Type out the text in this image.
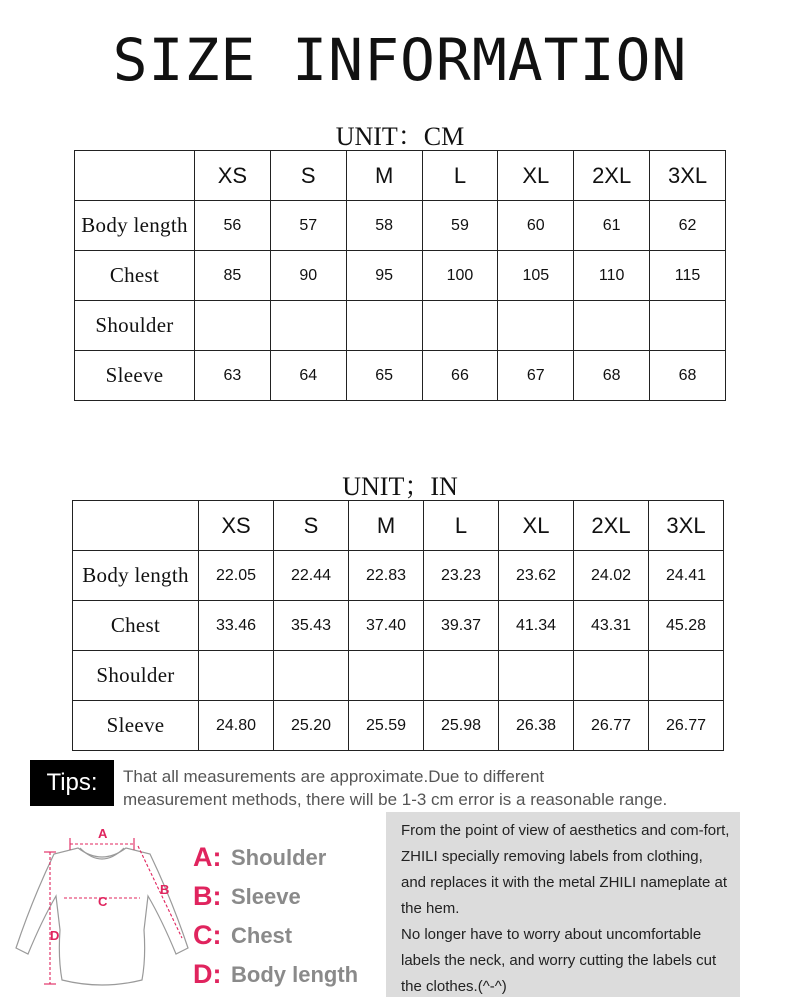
SIZE INFORMATION
UNIT：CM
	XS	S	M	L	XL	2XL	3XL
Body length	56	57	58	59	60	61	62
Chest	85	90	95	100	105	110	115
Shoulder							
Sleeve	63	64	65	66	67	68	68
UNIT；IN
	XS	S	M	L	XL	2XL	3XL
Body length	22.05	22.44	22.83	23.23	23.62	24.02	24.41
Chest	33.46	35.43	37.40	39.37	41.34	43.31	45.28
Shoulder							
Sleeve	24.80	25.20	25.59	25.98	26.38	26.77	26.77
Tips:	That all measurements are approximate.Due to different
measurement methods, there will be 1-3 cm error is a reasonable range.
A
B
C
D
A: Shoulder
B: Sleeve
C: Chest
D: Body length

From the point of view of aesthetics and com-fort, ZHILI specially removing labels from clothing, and replaces it with the metal ZHILI nameplate at the hem.

No longer have to worry about uncomfortable labels the neck, and worry cutting the labels cut the clothes.(^-^)
